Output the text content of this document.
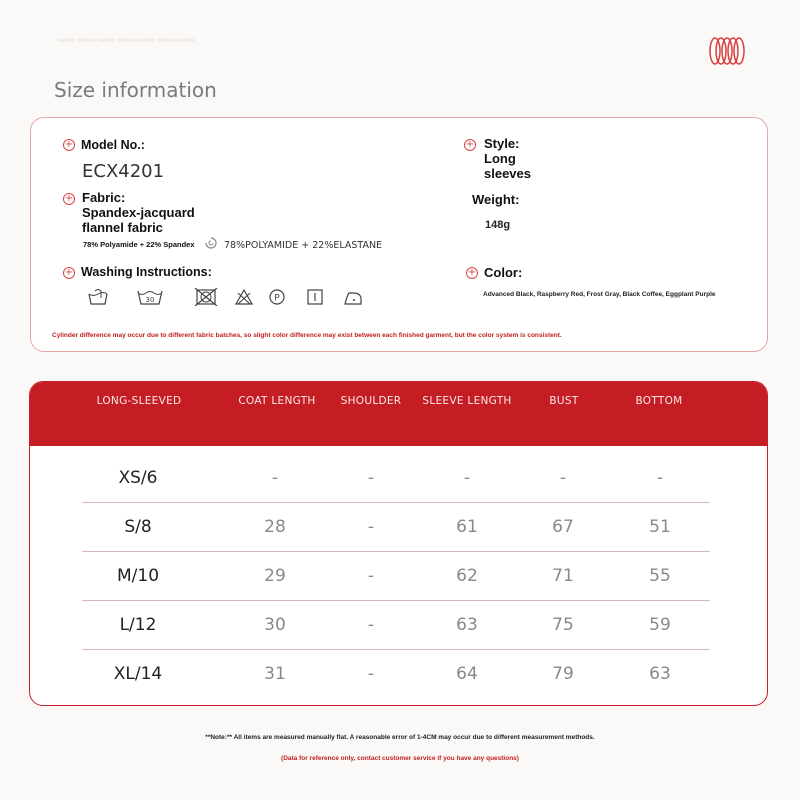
▔▔▔▔▔▔▔
Size information
+ Model No.:
ECX4201
+ Fabric:
Spandex-jacquard
flannel fabric
78% Polyamide + 22% Spandex	78%POLYAMIDE + 22%ELASTANE
+ Washing Instructions:
30	P
+ Style:
Long
sleeves
Weight:
148g
+ Color:
Advanced Black, Raspberry Red, Frost Gray, Black Coffee, Eggplant Purple
Cylinder difference may occur due to different fabric batches, so slight color difference may exist between each finished garment, but the color system is consistent.
LONG-SLEEVED	COAT LENGTH	SHOULDER	SLEEVE LENGTH	BUST	BOTTOM
XS/6	-	-	-	-	-
S/8	28	-	61	67	51
M/10	29	-	62	71	55
L/12	30	-	63	75	59
XL/14	31	-	64	79	63
**Note:** All items are measured manually flat. A reasonable error of 1-4CM may occur due to different measurement methods.
(Data for reference only, contact customer service if you have any questions)
